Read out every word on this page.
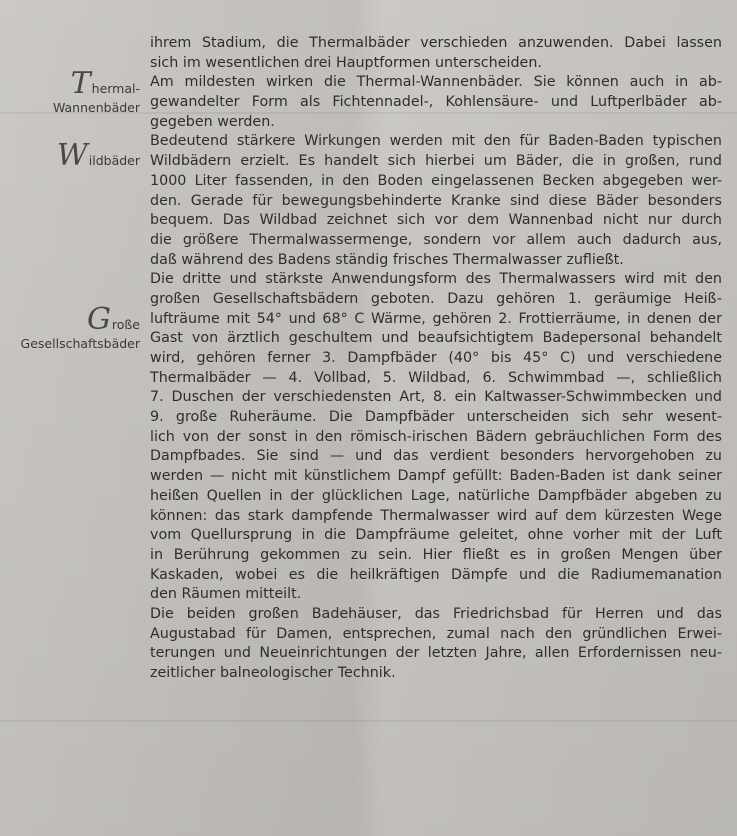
Thermal-
Wannenbäder
Wildbäder
Große
Gesellschaftsbäder
ihrem Stadium, die Thermalbäder verschieden anzuwenden. Dabei lassen
sich im wesentlichen drei Hauptformen unterscheiden.
Am mildesten wirken die Thermal-Wannenbäder. Sie können auch in ab-
gewandelter Form als Fichtennadel-, Kohlensäure- und Luftperlbäder ab-
gegeben werden.
Bedeutend stärkere Wirkungen werden mit den für Baden-Baden typischen
Wildbädern erzielt. Es handelt sich hierbei um Bäder, die in großen, rund
1000 Liter fassenden, in den Boden eingelassenen Becken abgegeben wer-
den. Gerade für bewegungsbehinderte Kranke sind diese Bäder besonders
bequem. Das Wildbad zeichnet sich vor dem Wannenbad nicht nur durch
die größere Thermalwassermenge, sondern vor allem auch dadurch aus,
daß während des Badens ständig frisches Thermalwasser zufließt.
Die dritte und stärkste Anwendungsform des Thermalwassers wird mit den
großen Gesellschaftsbädern geboten. Dazu gehören 1. geräumige Heiß-
lufträume mit 54° und 68° C Wärme, gehören 2. Frottierräume, in denen der
Gast von ärztlich geschultem und beaufsichtigtem Badepersonal behandelt
wird, gehören ferner 3. Dampfbäder (40° bis 45° C) und verschiedene
Thermalbäder — 4. Vollbad, 5. Wildbad, 6. Schwimmbad —, schließlich
7. Duschen der verschiedensten Art, 8. ein Kaltwasser-Schwimmbecken und
9. große Ruheräume. Die Dampfbäder unterscheiden sich sehr wesent-
lich von der sonst in den römisch-irischen Bädern gebräuchlichen Form des
Dampfbades. Sie sind — und das verdient besonders hervorgehoben zu
werden — nicht mit künstlichem Dampf gefüllt: Baden-Baden ist dank seiner
heißen Quellen in der glücklichen Lage, natürliche Dampfbäder abgeben zu
können: das stark dampfende Thermalwasser wird auf dem kürzesten Wege
vom Quellursprung in die Dampfräume geleitet, ohne vorher mit der Luft
in Berührung gekommen zu sein. Hier fließt es in großen Mengen über
Kaskaden, wobei es die heilkräftigen Dämpfe und die Radiumemanation
den Räumen mitteilt.
Die beiden großen Badehäuser, das Friedrichsbad für Herren und das
Augustabad für Damen, entsprechen, zumal nach den gründlichen Erwei-
terungen und Neueinrichtungen der letzten Jahre, allen Erfordernissen neu-
zeitlicher balneologischer Technik.
